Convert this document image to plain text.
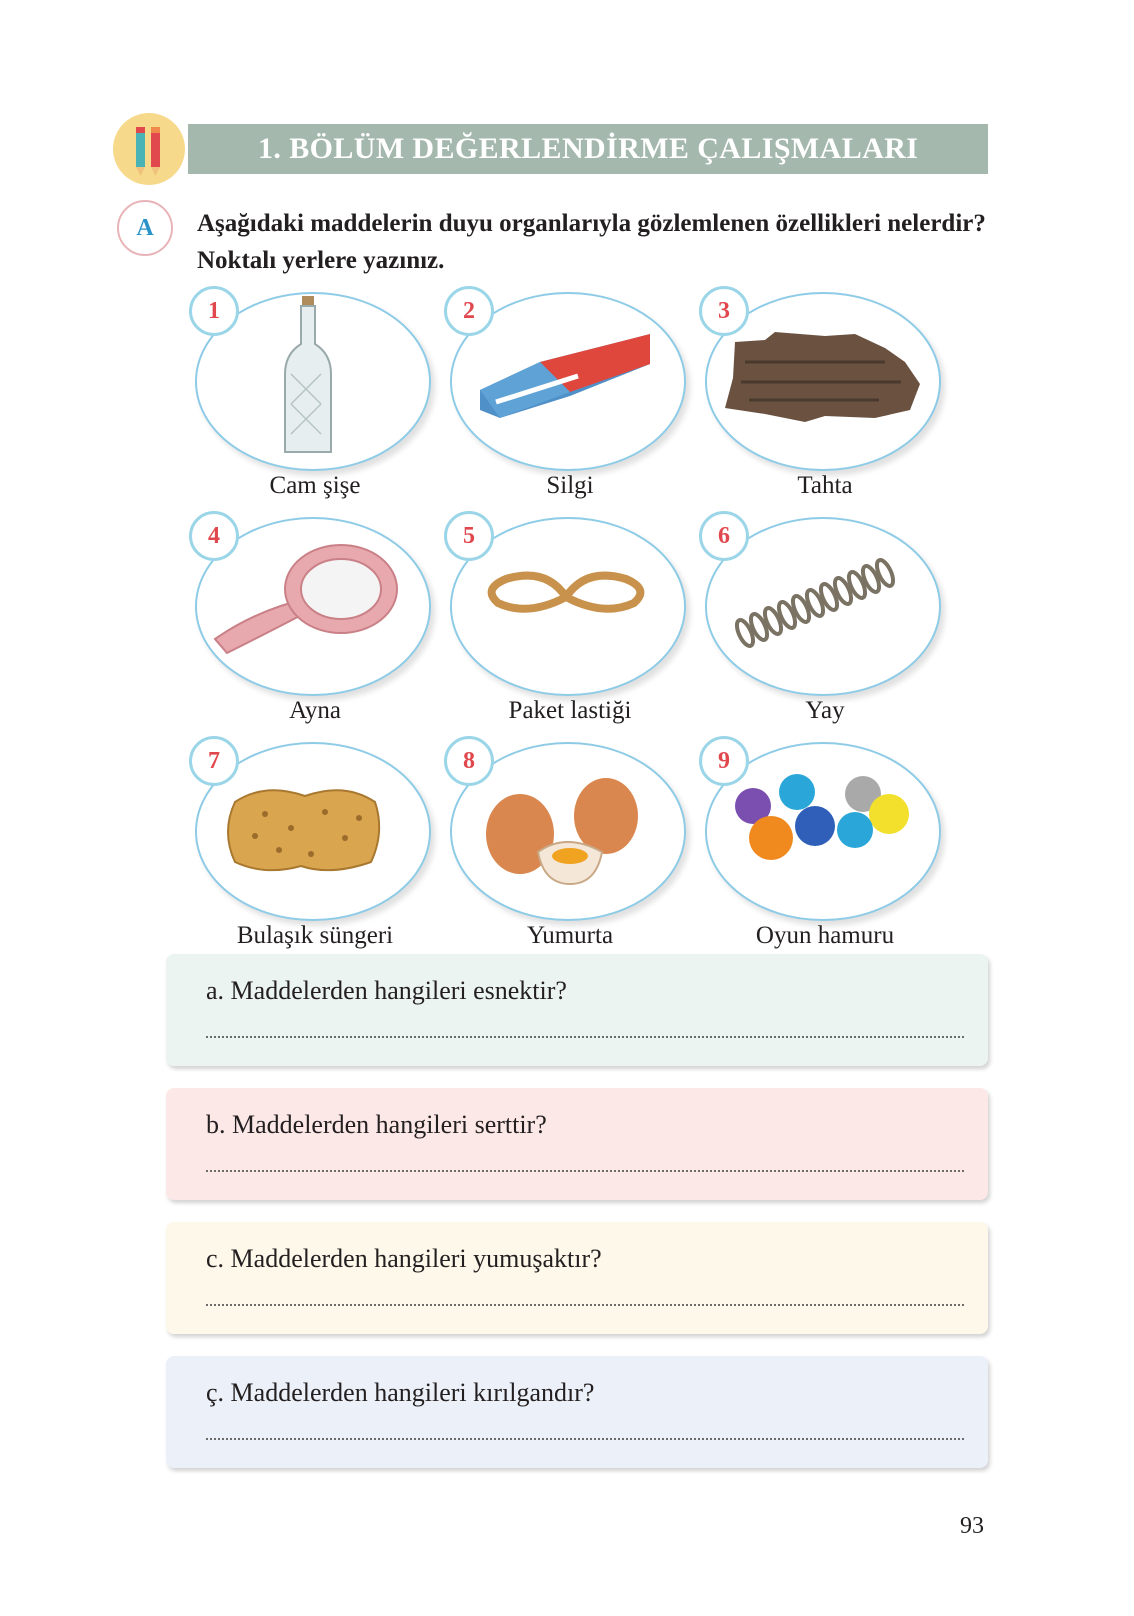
1. BÖLÜM DEĞERLENDİRME ÇALIŞMALARI
A	Aşağıdaki maddelerin duyu organlarıyla gözlemlenen özellikleri nelerdir? Noktalı yerlere yazınız.
1
Cam şişe
2
Silgi
3
Tahta
4
Ayna
5
Paket lastiği
6
Yay
7
Bulaşık süngeri
8
Yumurta
9
Oyun hamuru
a. Maddelerden hangileri esnektir?
b. Maddelerden hangileri serttir?
c. Maddelerden hangileri yumuşaktır?
ç. Maddelerden hangileri kırılgandır?
93
